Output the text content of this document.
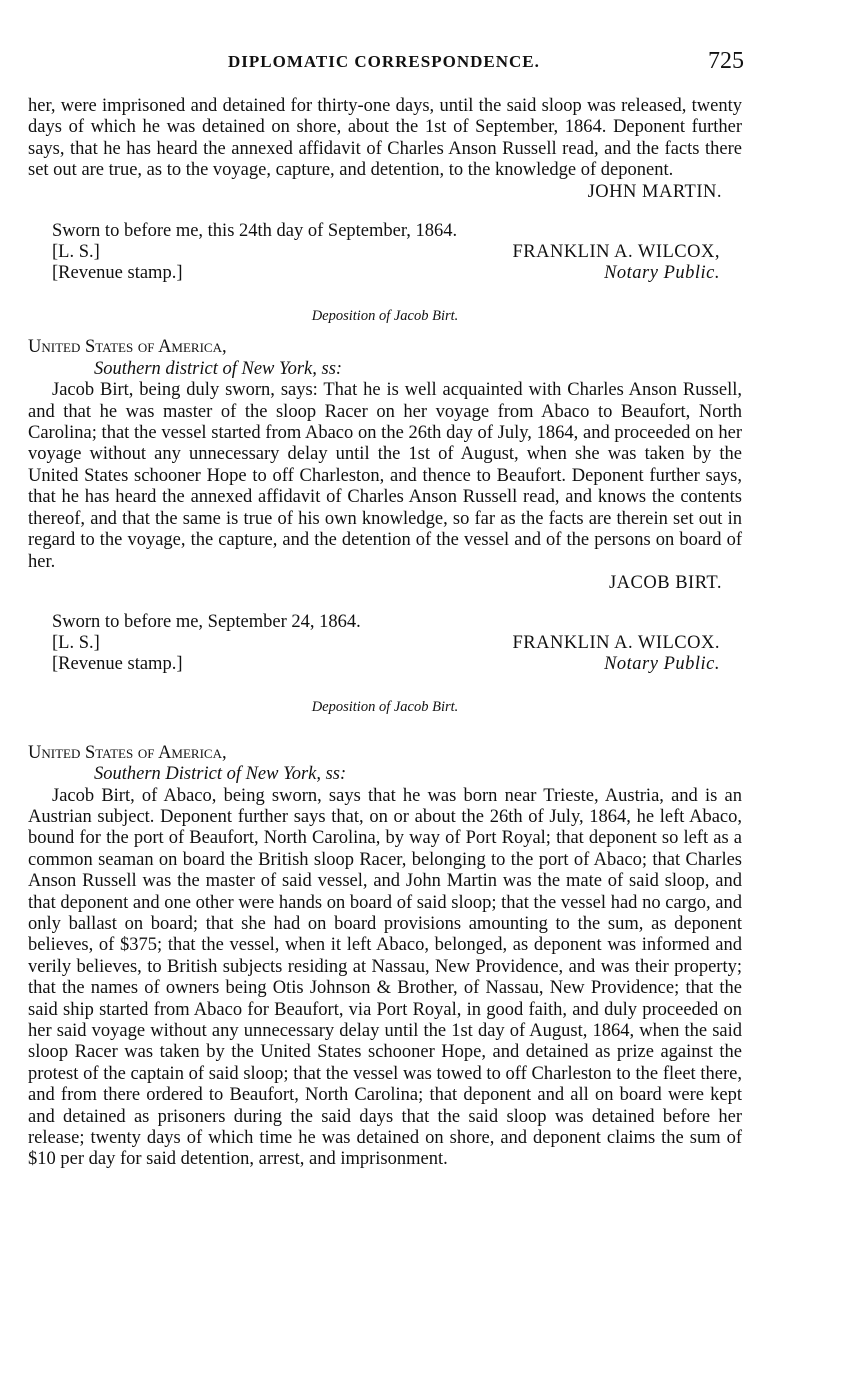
DIPLOMATIC CORRESPONDENCE.	725

her, were imprisoned and detained for thirty-one days, until the said sloop was released, twenty days of which he was detained on shore, about the 1st of September, 1864. Deponent further says, that he has heard the annexed affidavit of Charles Anson Russell read, and the facts there set out are true, as to the voyage, capture, and detention, to the knowledge of deponent.

JOHN MARTIN.

Sworn to before me, this 24th day of September, 1864.
[L. S.]	FRANKLIN A. WILCOX,
[Revenue stamp.]	Notary Public.
Deposition of Jacob Birt.
United States of America,
Southern district of New York, ss:

Jacob Birt, being duly sworn, says: That he is well acquainted with Charles Anson Russell, and that he was master of the sloop Racer on her voyage from Abaco to Beaufort, North Carolina; that the vessel started from Abaco on the 26th day of July, 1864, and proceeded on her voyage without any unnecessary delay until the 1st of August, when she was taken by the United States schooner Hope to off Charleston, and thence to Beaufort. Deponent further says, that he has heard the annexed affidavit of Charles Anson Russell read, and knows the contents thereof, and that the same is true of his own knowledge, so far as the facts are therein set out in regard to the voyage, the capture, and the detention of the vessel and of the persons on board of her.

JACOB BIRT.

Sworn to before me, September 24, 1864.
[L. S.]	FRANKLIN A. WILCOX.
[Revenue stamp.]	Notary Public.
Deposition of Jacob Birt.
United States of America,
Southern District of New York, ss:

Jacob Birt, of Abaco, being sworn, says that he was born near Trieste, Austria, and is an Austrian subject. Deponent further says that, on or about the 26th of July, 1864, he left Abaco, bound for the port of Beaufort, North Carolina, by way of Port Royal; that deponent so left as a common seaman on board the British sloop Racer, belonging to the port of Abaco; that Charles Anson Russell was the master of said vessel, and John Martin was the mate of said sloop, and that deponent and one other were hands on board of said sloop; that the vessel had no cargo, and only ballast on board; that she had on board provisions amounting to the sum, as deponent believes, of $375; that the vessel, when it left Abaco, belonged, as deponent was informed and verily believes, to British subjects residing at Nassau, New Providence, and was their property; that the names of owners being Otis Johnson & Brother, of Nassau, New Providence; that the said ship started from Abaco for Beaufort, via Port Royal, in good faith, and duly proceeded on her said voyage without any unnecessary delay until the 1st day of August, 1864, when the said sloop Racer was taken by the United States schooner Hope, and detained as prize against the protest of the captain of said sloop; that the vessel was towed to off Charleston to the fleet there, and from there ordered to Beaufort, North Carolina; that deponent and all on board were kept and detained as prisoners during the said days that the said sloop was detained before her release; twenty days of which time he was detained on shore, and deponent claims the sum of $10 per day for said detention, arrest, and imprisonment.
